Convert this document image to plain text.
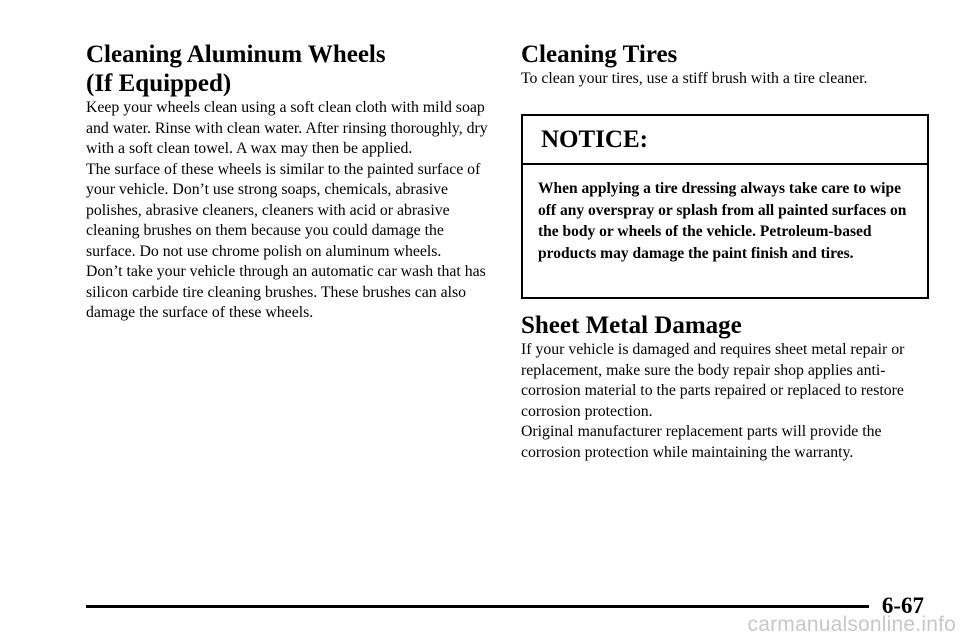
Cleaning Aluminum Wheels
(If Equipped)

Keep your wheels clean using a soft clean cloth with mild soap and water. Rinse with clean water. After rinsing thoroughly, dry with a soft clean towel. A wax may then be applied.

The surface of these wheels is similar to the painted surface of your vehicle. Don’t use strong soaps, chemicals, abrasive polishes, abrasive cleaners, cleaners with acid or abrasive cleaning brushes on them because you could damage the surface. Do not use chrome polish on aluminum wheels.

Don’t take your vehicle through an automatic car wash that has silicon carbide tire cleaning brushes. These brushes can also damage the surface of these wheels.

Cleaning Tires

To clean your tires, use a stiff brush with a tire cleaner.

NOTICE:

When applying a tire dressing always take care to wipe off any overspray or splash from all painted surfaces on the body or wheels of the vehicle. Petroleum-based products may damage the paint finish and tires.

Sheet Metal Damage

If your vehicle is damaged and requires sheet metal repair or replacement, make sure the body repair shop applies anti-corrosion material to the parts repaired or replaced to restore corrosion protection.

Original manufacturer replacement parts will provide the corrosion protection while maintaining the warranty.

6-67
carmanualsonline.info
